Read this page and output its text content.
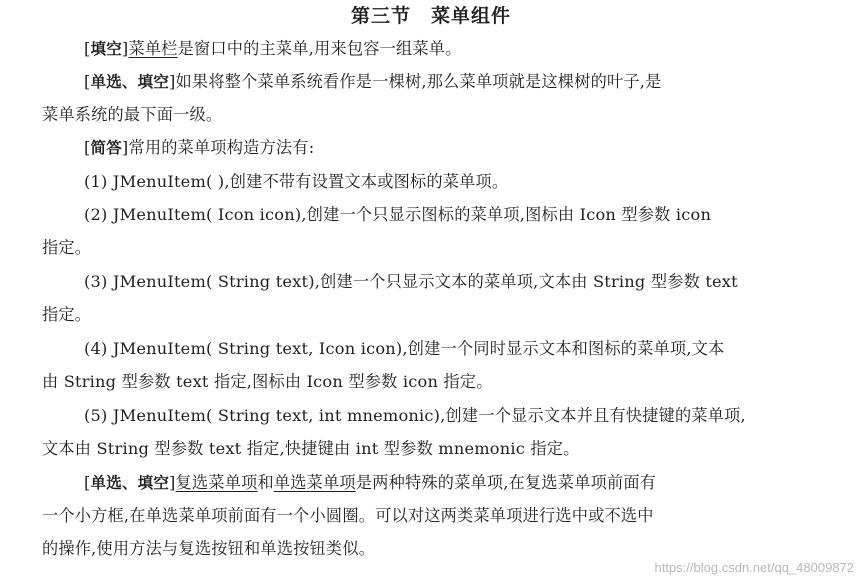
第三节　菜单组件
[填空]菜单栏是窗口中的主菜单,用来包容一组菜单。
[单选、填空]如果将整个菜单系统看作是一棵树,那么菜单项就是这棵树的叶子,是
菜单系统的最下面一级。
[简答]常用的菜单项构造方法有:
(1) JMenuItem( ),创建不带有设置文本或图标的菜单项。
(2) JMenuItem( Icon icon),创建一个只显示图标的菜单项,图标由 Icon 型参数 icon
指定。
(3) JMenuItem( String text),创建一个只显示文本的菜单项,文本由 String 型参数 text
指定。
(4) JMenuItem( String text, Icon icon),创建一个同时显示文本和图标的菜单项,文本
由 String 型参数 text 指定,图标由 Icon 型参数 icon 指定。
(5) JMenuItem( String text, int mnemonic),创建一个显示文本并且有快捷键的菜单项,
文本由 String 型参数 text 指定,快捷键由 int 型参数 mnemonic 指定。
[单选、填空]复选菜单项和单选菜单项是两种特殊的菜单项,在复选菜单项前面有
一个小方框,在单选菜单项前面有一个小圆圈。可以对这两类菜单项进行选中或不选中
的操作,使用方法与复选按钮和单选按钮类似。
https://blog.csdn.net/qq_48009872
